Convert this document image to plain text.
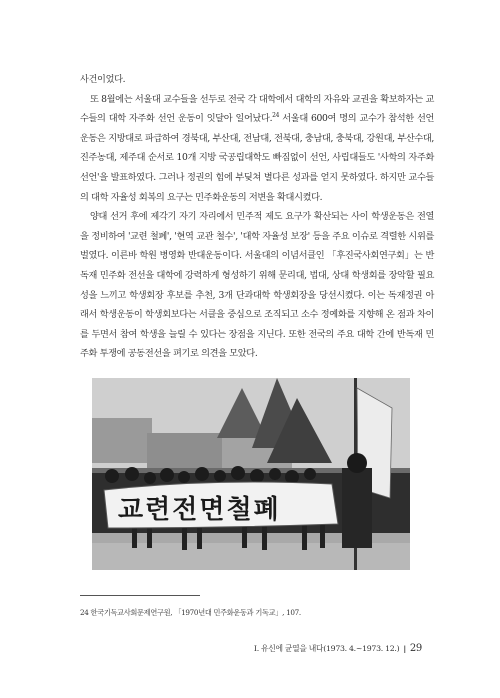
사건이었다.

또 8월에는 서울대 교수들을 선두로 전국 각 대학에서 대학의 자유와 교권을 확보하자는 교수들의 대학 자주화 선언 운동이 잇달아 일어났다.$^{24}$ 서울대 600여 명의 교수가 참석한 선언 운동은 지방대로 파급하여 경북대, 부산대, 전남대, 전북대, 충남대, 충북대, 강원대, 부산수대, 진주농대, 제주대 순서로 10개 지방 국공립대학도 빠짐없이 선언, 사립대들도 '사학의 자주화 선언'을 발표하였다. 그러나 정권의 힘에 부딪쳐 별다른 성과를 얻지 못하였다. 하지만 교수들의 대학 자율성 회복의 요구는 민주화운동의 저변을 확대시켰다.

양대 선거 후에 제각기 자기 자리에서 민주적 제도 요구가 확산되는 사이 학생운동은 전열을 정비하여 '교련 철폐', '현역 교관 철수', '대학 자율성 보장' 등을 주요 이슈로 격렬한 시위를 벌였다. 이른바 학원 병영화 반대운동이다. 서울대의 이념서클인 「후진국사회연구회」는 반독재 민주화 전선을 대학에 강력하게 형성하기 위해 문리대, 법대, 상대 학생회를 장악할 필요성을 느끼고 학생회장 후보를 추천, 3개 단과대학 학생회장을 당선시켰다. 이는 독재정권 아래서 학생운동이 학생회보다는 서클을 중심으로 조직되고 소수 정예화를 지향해 온 점과 차이를 두면서 참여 학생을 늘릴 수 있다는 장점을 지닌다. 또한 전국의 주요 대학 간에 반독재 민주화 투쟁에 공동전선을 펴기로 의견을 모았다.

교련전면철폐
24 한국기독교사회문제연구원, 「1970년대 민주화운동과 기독교」, 107.
I. 유신에 균열을 내다(1973. 4.~1973. 12.) | 29
